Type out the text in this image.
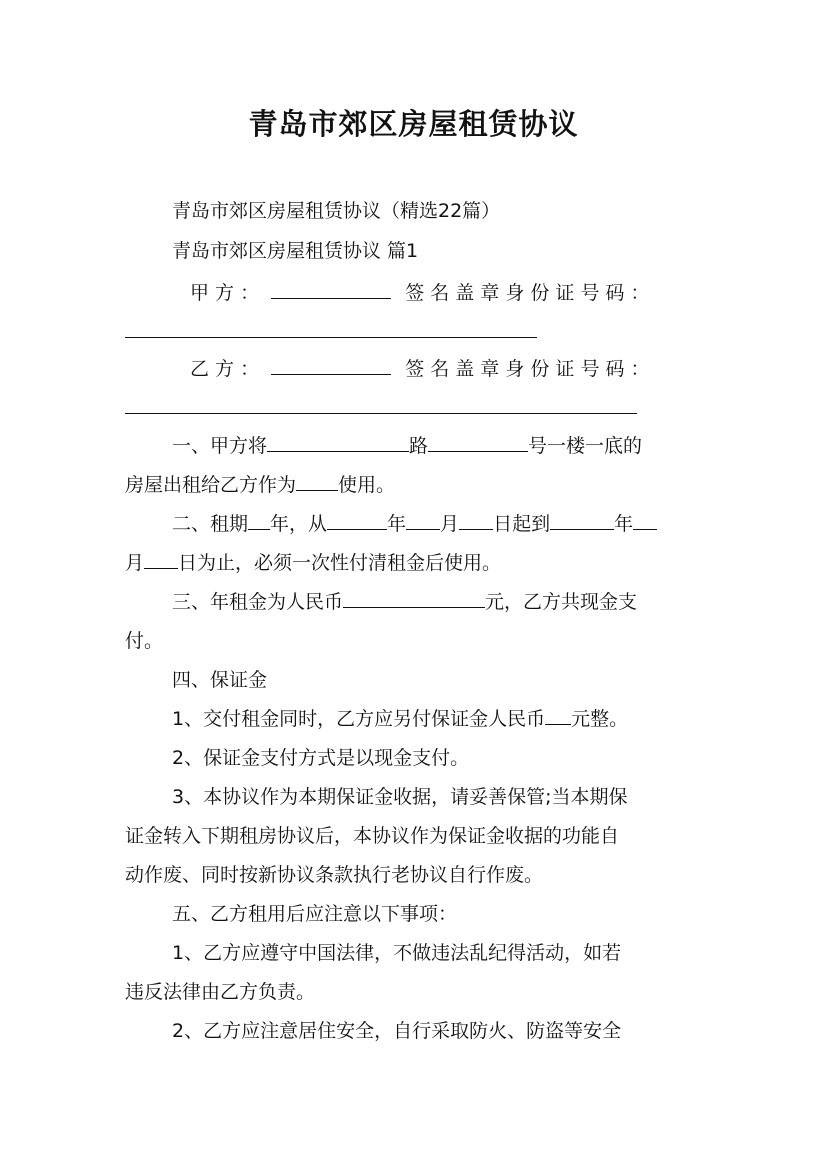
青岛市郊区房屋租赁协议
青岛市郊区房屋租赁协议（精选22篇）
青岛市郊区房屋租赁协议 篇1
甲 方 ：	签 名 盖 章 身 份 证 号 码 ：
乙 方 ：	签 名 盖 章 身 份 证 号 码 ：
一、甲方将	路	号一楼一底的
房屋出租给乙方作为 使用。
二、租期 年，从	年 月 日起到	年
月 日为止，必须一次性付清租金后使用。
三、年租金为人民币	元，乙方共现金支
付。
四、保证金
1、交付租金同时，乙方应另付保证金人民币 元整。
2、保证金支付方式是以现金支付。
3、本协议作为本期保证金收据，请妥善保管;当本期保
证金转入下期租房协议后，本协议作为保证金收据的功能自
动作废、同时按新协议条款执行老协议自行作废。
五、乙方租用后应注意以下事项：
1、乙方应遵守中国法律，不做违法乱纪得活动，如若
违反法律由乙方负责。
2、乙方应注意居住安全，自行采取防火、防盗等安全
